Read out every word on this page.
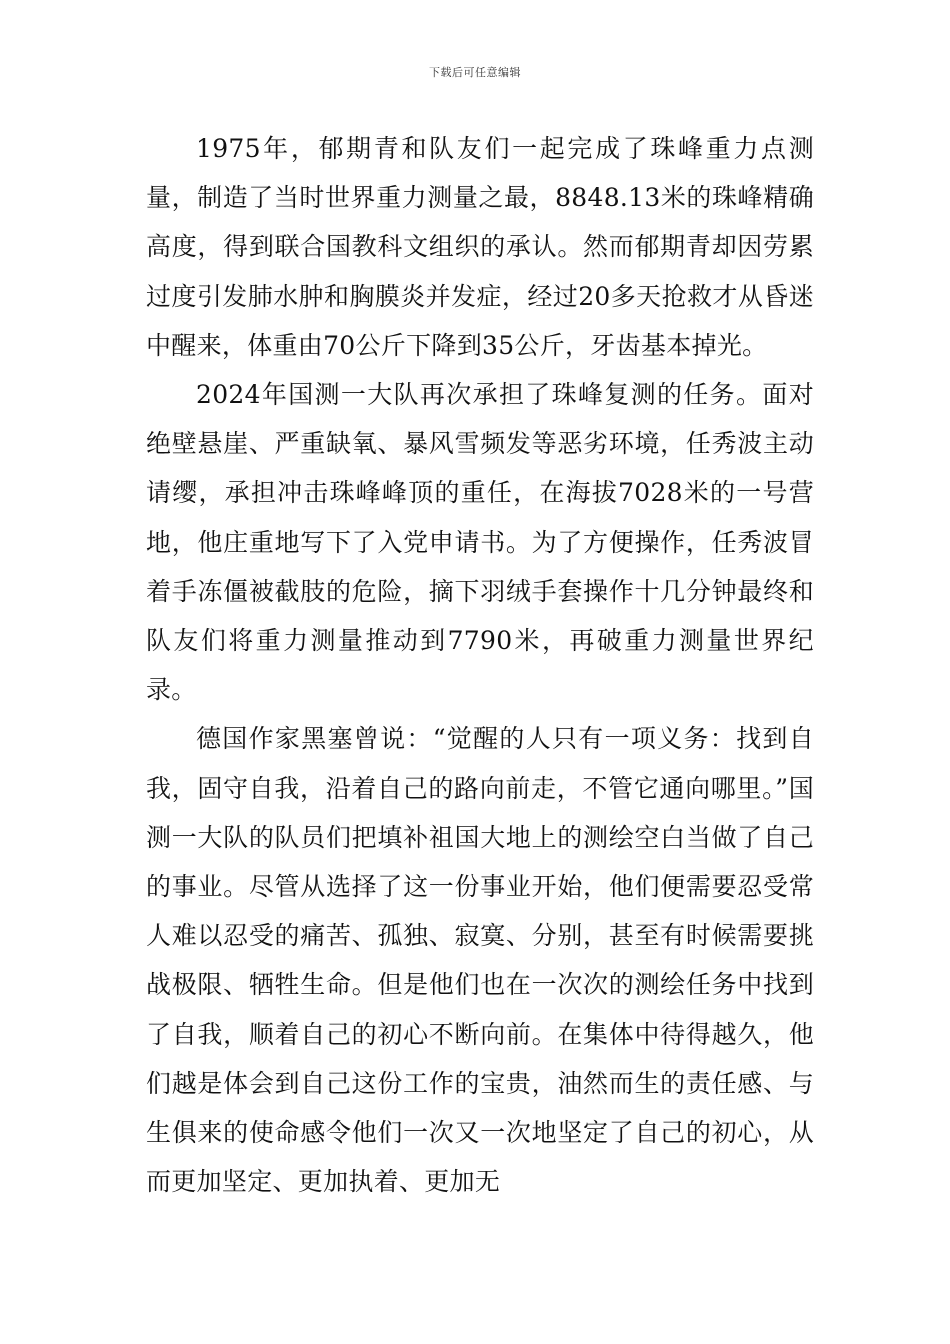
下载后可任意编辑

1975年，郁期青和队友们一起完成了珠峰重力点测量，制造了当时世界重力测量之最，8848.13米的珠峰精确高度，得到联合国教科文组织的承认。然而郁期青却因劳累过度引发肺水肿和胸膜炎并发症，经过20多天抢救才从昏迷中醒来，体重由70公斤下降到35公斤，牙齿基本掉光。

2024年国测一大队再次承担了珠峰复测的任务。面对绝壁悬崖、严重缺氧、暴风雪频发等恶劣环境，任秀波主动请缨，承担冲击珠峰峰顶的重任，在海拔7028米的一号营地，他庄重地写下了入党申请书。为了方便操作，任秀波冒着手冻僵被截肢的危险，摘下羽绒手套操作十几分钟最终和队友们将重力测量推动到7790米，再破重力测量世界纪录。

德国作家黑塞曾说：“觉醒的人只有一项义务：找到自我，固守自我，沿着自己的路向前走，不管它通向哪里。”国测一大队的队员们把填补祖国大地上的测绘空白当做了自己的事业。尽管从选择了这一份事业开始，他们便需要忍受常人难以忍受的痛苦、孤独、寂寞、分别，甚至有时候需要挑战极限、牺牲生命。但是他们也在一次次的测绘任务中找到了自我，顺着自己的初心不断向前。在集体中待得越久，他们越是体会到自己这份工作的宝贵，油然而生的责任感、与生俱来的使命感令他们一次又一次地坚定了自己的初心，从而更加坚定、更加执着、更加无
